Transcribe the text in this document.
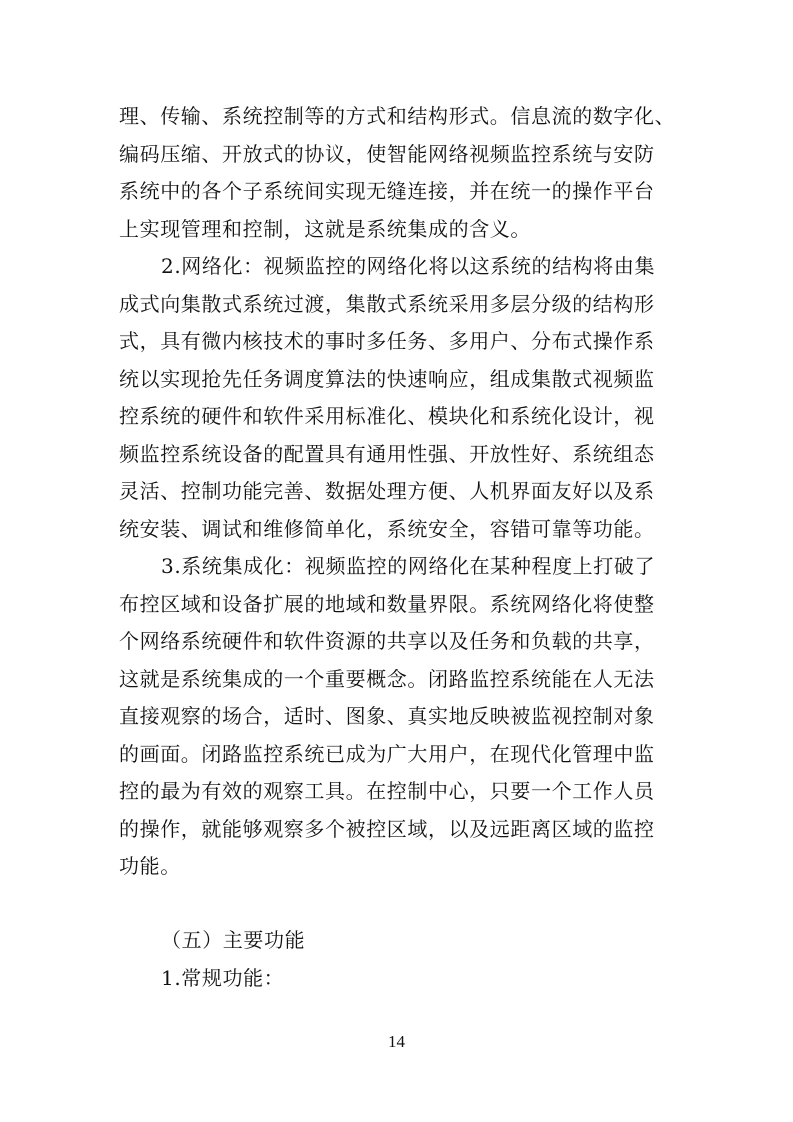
理、传输、系统控制等的方式和结构形式。信息流的数字化、
编码压缩、开放式的协议，使智能网络视频监控系统与安防
系统中的各个子系统间实现无缝连接，并在统一的操作平台
上实现管理和控制，这就是系统集成的含义。
2.网络化：视频监控的网络化将以这系统的结构将由集
成式向集散式系统过渡，集散式系统采用多层分级的结构形
式，具有微内核技术的事时多任务、多用户、分布式操作系
统以实现抢先任务调度算法的快速响应，组成集散式视频监
控系统的硬件和软件采用标准化、模块化和系统化设计，视
频监控系统设备的配置具有通用性强、开放性好、系统组态
灵活、控制功能完善、数据处理方便、人机界面友好以及系
统安装、调试和维修简单化，系统安全，容错可靠等功能。
3.系统集成化：视频监控的网络化在某种程度上打破了
布控区域和设备扩展的地域和数量界限。系统网络化将使整
个网络系统硬件和软件资源的共享以及任务和负载的共享，
这就是系统集成的一个重要概念。闭路监控系统能在人无法
直接观察的场合，适时、图象、真实地反映被监视控制对象
的画面。闭路监控系统已成为广大用户，在现代化管理中监
控的最为有效的观察工具。在控制中心，只要一个工作人员
的操作，就能够观察多个被控区域，以及远距离区域的监控
功能。
（五）主要功能
1.常规功能：
14
